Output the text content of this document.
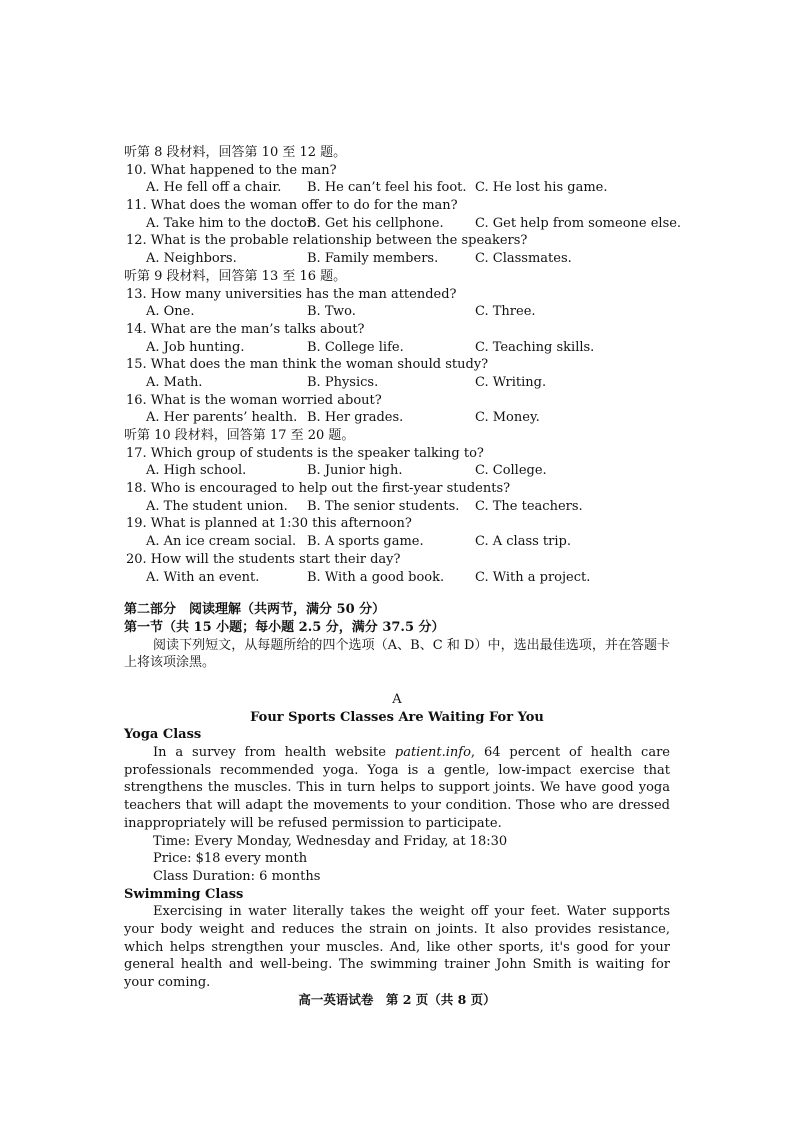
听第 8 段材料，回答第 10 至 12 题。
10. What happened to the man?
A. He fell off a chair. B. He can’t feel his foot. C. He lost his game.
11. What does the woman offer to do for the man?
A. Take him to the doctor.
B. Get his cellphone. C. Get help from someone else.
12. What is the probable relationship between the speakers?
A. Neighbors.	B. Family members.	C. Classmates.
听第 9 段材料，回答第 13 至 16 题。
13. How many universities has the man attended?
A. One.	B. Two.	C. Three.
14. What are the man’s talks about?
A. Job hunting.	B. College life.	C. Teaching skills.
15. What does the man think the woman should study?
A. Math.	B. Physics.	C. Writing.
16. What is the woman worried about?
A. Her parents’ health. B. Her grades.	C. Money.
听第 10 段材料，回答第 17 至 20 题。
17. Which group of students is the speaker talking to?
A. High school.	B. Junior high.	C. College.
18. Who is encouraged to help out the first-year students?
A. The student union. B. The senior students. C. The teachers.
19. What is planned at 1:30 this afternoon?
A. An ice cream social. B. A sports game.	C. A class trip.
20. How will the students start their day?
A. With an event.	B. With a good book. C. With a project.
第二部分　阅读理解（共两节，满分 50 分）
第一节（共 15 小题；每小题 2.5 分，满分 37.5 分）

阅读下列短文，从每题所给的四个选项（A、B、C 和 D）中，选出最佳选项，并在答题卡上将该项涂黑。

A
Four Sports Classes Are Waiting For You
Yoga Class

In a survey from health website patient.info, 64 percent of health care professionals recommended yoga. Yoga is a gentle, low-impact exercise that strengthens the muscles. This in turn helps to support joints. We have good yoga teachers that will adapt the movements to your condition. Those who are dressed inappropriately will be refused permission to participate.

Time: Every Monday, Wednesday and Friday, at 18:30
Price: $18 every month
Class Duration: 6 months
Swimming Class

Exercising in water literally takes the weight off your feet. Water supports your body weight and reduces the strain on joints. It also provides resistance, which helps strengthen your muscles. And, like other sports, it's good for your general health and well-being. The swimming trainer John Smith is waiting for your coming.

高一英语试卷　第 2 页（共 8 页）
